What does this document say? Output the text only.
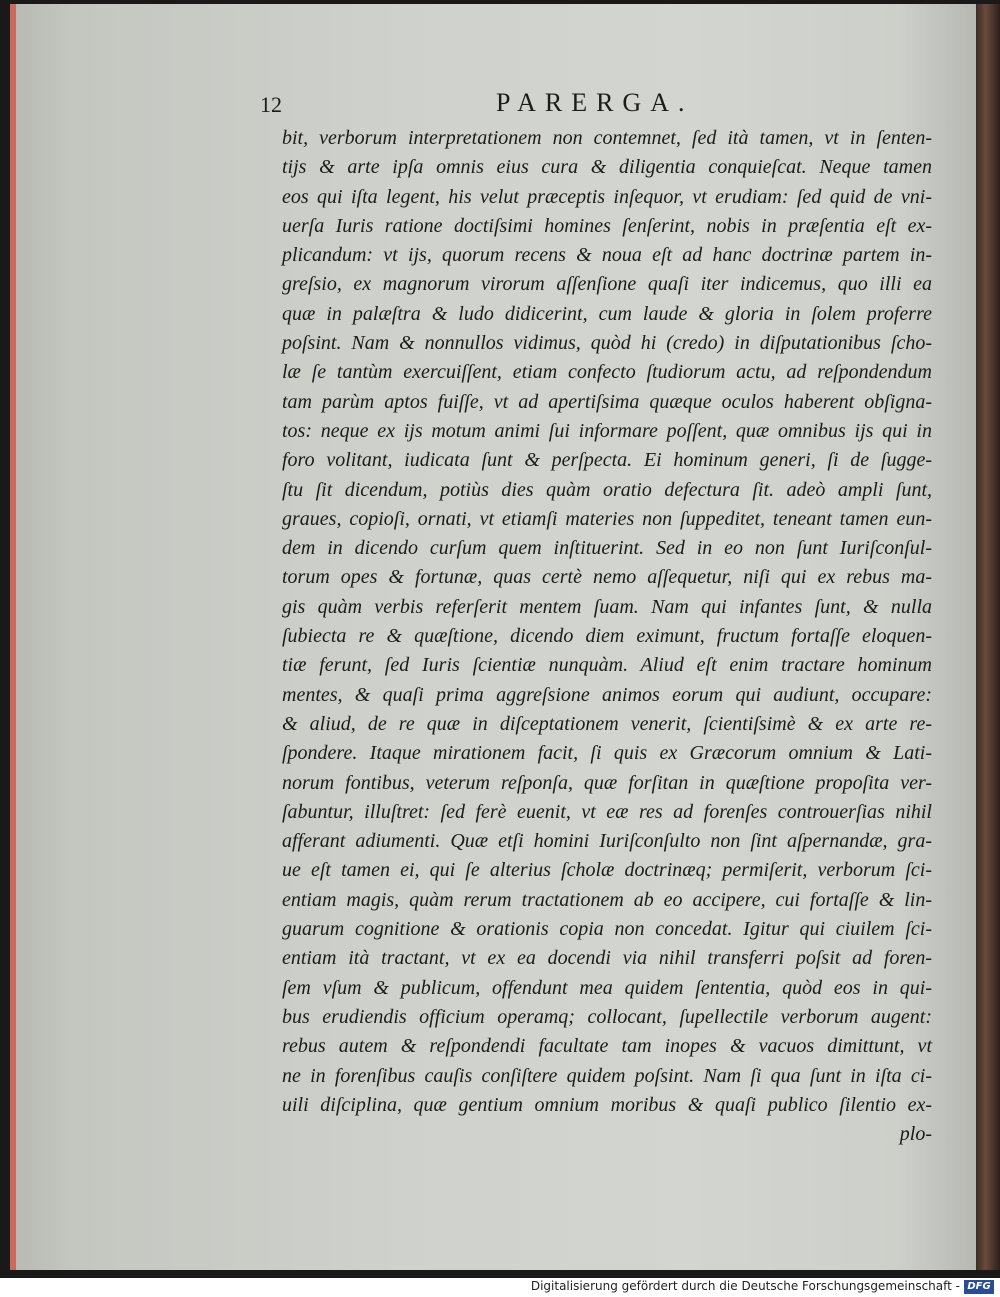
12	PARERGA.
bit, verborum interpretationem non contemnet, ſed ità tamen, vt in ſenten-
tijs & arte ipſa omnis eius cura & diligentia conquieſcat. Neque tamen
eos qui iſta legent, his velut præceptis inſequor, vt erudiam: ſed quid de vni-
uerſa Iuris ratione doctiſsimi homines ſenſerint, nobis in præſentia eſt ex-
plicandum: vt ijs, quorum recens & noua eſt ad hanc doctrinæ partem in-
greſsio, ex magnorum virorum aſſenſione quaſi iter indicemus, quo illi ea
quæ in palæſtra & ludo didicerint, cum laude & gloria in ſolem proferre
poſsint. Nam & nonnullos vidimus, quòd hi (credo) in diſputationibus ſcho-
læ ſe tantùm exercuiſſent, etiam confecto ſtudiorum actu, ad reſpondendum
tam parùm aptos fuiſſe, vt ad apertiſsima quæque oculos haberent obſigna-
tos: neque ex ijs motum animi ſui informare poſſent, quæ omnibus ijs qui in
foro volitant, iudicata ſunt & perſpecta. Ei hominum generi, ſi de ſugge-
ſtu ſit dicendum, potiùs dies quàm oratio defectura ſit. adeò ampli ſunt,
graues, copioſi, ornati, vt etiamſi materies non ſuppeditet, teneant tamen eun-
dem in dicendo curſum quem inſtituerint. Sed in eo non ſunt Iuriſconſul-
torum opes & fortunæ, quas certè nemo aſſequetur, niſi qui ex rebus ma-
gis quàm verbis referſerit mentem ſuam. Nam qui infantes ſunt, & nulla
ſubiecta re & quæſtione, dicendo diem eximunt, fructum fortaſſe eloquen-
tiæ ferunt, ſed Iuris ſcientiæ nunquàm. Aliud eſt enim tractare hominum
mentes, & quaſi prima aggreſsione animos eorum qui audiunt, occupare:
& aliud, de re quæ in diſceptationem venerit, ſcientiſsimè & ex arte re-
ſpondere. Itaque mirationem facit, ſi quis ex Græcorum omnium & Lati-
norum fontibus, veterum reſponſa, quæ forſitan in quæſtione propoſita ver-
ſabuntur, illuſtret: ſed ferè euenit, vt eæ res ad forenſes controuerſias nihil
afferant adiumenti. Quæ etſi homini Iuriſconſulto non ſint aſpernandæ, gra-
ue eſt tamen ei, qui ſe alterius ſcholæ doctrinæq; permiſerit, verborum ſci-
entiam magis, quàm rerum tractationem ab eo accipere, cui fortaſſe & lin-
guarum cognitione & orationis copia non concedat. Igitur qui ciuilem ſci-
entiam ità tractant, vt ex ea docendi via nihil transferri poſsit ad foren-
ſem vſum & publicum, offendunt mea quidem ſententia, quòd eos in qui-
bus erudiendis officium operamq; collocant, ſupellectile verborum augent:
rebus autem & reſpondendi facultate tam inopes & vacuos dimittunt, vt
ne in forenſibus cauſis conſiſtere quidem poſsint. Nam ſi qua ſunt in iſta ci-
uili diſciplina, quæ gentium omnium moribus & quaſi publico ſilentio ex-
plo-
Digitalisierung gefördert durch die Deutsche Forschungsgemeinschaft - DFG
